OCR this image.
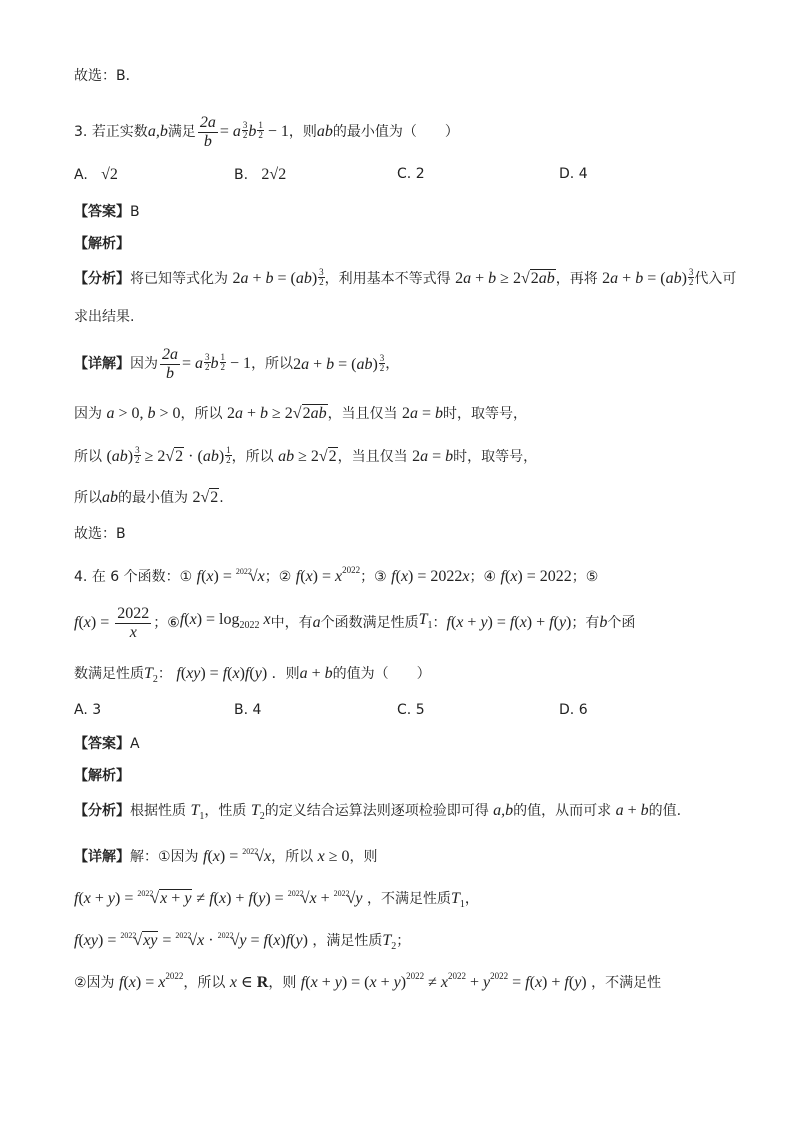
故选：B．
3.
若正实数 a,b 满足 $\frac{2a}{b} = a \frac{3}{2}$ b $\frac{1}{2} - 1$ ，则 ab 的最小值为（　　）
A. √2	B. 2√2	C. 2	D. 4
【答案】B
【解析】
【分析】将已知等式化为 $2a + b = (ab) \frac{3}{2}$ ，利用基本不等式得 2a + b ≥ 2√2ab，再将 $2a + b = (ab) \frac{3}{2}$ 代入可
求出结果.
【详解】 因为 $\frac{2a}{b} = a \frac{3}{2}$ b $\frac{1}{2} - 1$ ，所以 $2a + b = (ab) \frac{3}{2}$ ，
因为 a > 0, b > 0，所以 2a + b ≥ 2√2ab，当且仅当 2a = b时，取等号，
所以 $(ab) \frac{3}{2} \ge 2√2 \cdot (ab) \frac{1}{2}$ ，所以 ab ≥ 2√2，当且仅当 2a = b时，取等号，
所以ab的最小值为 2√2.
故选：B
4. 在 6 个函数：① f(x) = $^{2022}$√x；② $f(x) = x^{2022}$；③ f(x) = 2022x；④ f(x) = 2022；⑤
$f(x) = \frac{2022}{x}$ ；⑥ $f(x) = \log_{2022} x$ 中，有 a 个函数满足性质 $T_1$ ： f(x + y) = f(x) + f(y) ；有 b 个函
数满足性质$T_2$： f(xy) = f(x)f(y) ．则a + b的值为（　　）
A. 3	B. 4	C. 5	D. 6
【答案】A
【解析】
【分析】根据性质 $T_1$，性质 $T_2$的定义结合运算法则逐项检验即可得 a,b的值，从而可求 a + b的值.
【详解】解：①因为 f(x) = $^{2022}$√x，所以 x ≥ 0，则
f(x + y) = $^{2022}$√x + y ≠ f(x) + f(y) = $^{2022}$√x + $^{2022}$√y ，不满足性质$T_1$，
f(xy) = $^{2022}$√xy = $^{2022}$√x · $^{2022}$√y = f(x)f(y) ，满足性质$T_2$；
②因为 $f(x) = x^{2022}$，所以 x ∈ R，则 $f(x + y) = (x + y)^{2022} \ne x^{2022} + y^{2022} = f(x) + f(y)$ ，不满足性
